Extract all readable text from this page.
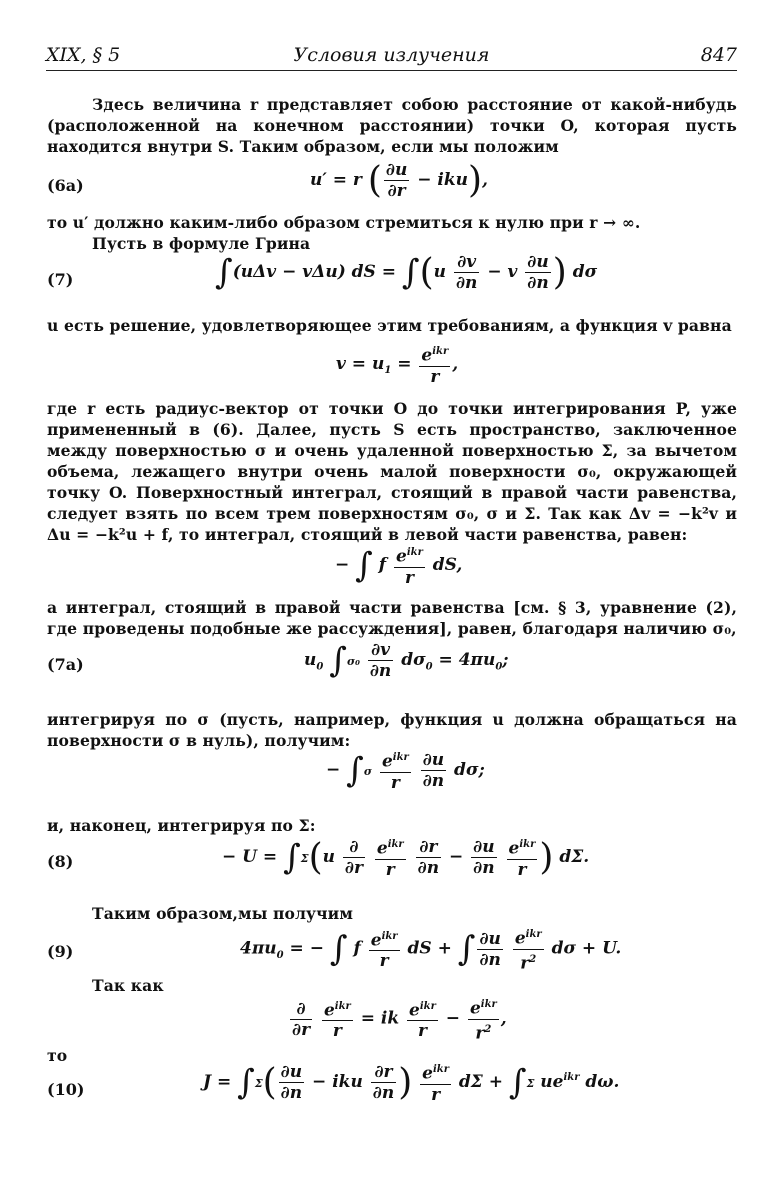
XIX, § 5	Условия излучения	847
Здесь величина r представляет собою расстояние от какой-нибудь (расположенной на конечном расстоянии) точки O, которая пусть находится внутри S. Таким образом, если мы положим
(6a)	u′ = r ( $\frac{\partial u}{\partial r} - iku$),
то u′ должно каким-либо образом стремиться к нулю при r → ∞.
Пусть в формуле Грина
(7)	∫(uΔv − vΔu) dS = $\int(u \frac{\partial v}{\partial n} - v \frac{\partial u}{\partial n}$ ) dσ
u есть решение, удовлетворяющее этим требованиям, а функция v равна
$v = u_1 = \frac{e^{ikr}}{r}$ ,
где r есть радиус-вектор от точки O до точки интегрирования P, уже примененный в (6). Далее, пусть S есть пространство, заключенное между поверхностью σ и очень удаленной поверхностью Σ, за вычетом объема, лежащего внутри очень малой поверхности σ₀, окружающей точку O. Поверхностный интеграл, стоящий в правой части равенства, следует взять по всем трем поверхностям σ₀, σ и Σ. Так как Δv = −k²v и Δu = −k²u + f, то интеграл, стоящий в левой части равенства, равен:
− ∫ f $\frac{e^{ikr}}{r}$ dS,
а интеграл, стоящий в правой части равенства [см. § 3, уравнение (2), где проведены подобные же рассуждения], равен, благодаря наличию σ₀,
(7a)	$u_0$ $\int\sigma_0 \frac{\partial v}{\partial n} d\sigma_0 = 4\pi u_0$;
интегрируя по σ (пусть, например, функция u должна обращаться на поверхности σ в нуль), получим:
− $\int\sigma \frac{e^{ikr}}{r}$
$\frac{\partial u}{\partial n} d\sigma$;
и, наконец, интегрируя по Σ:
(8)	− $U = \int\Sigma(u \frac{\partial}{\partial r}$
$\frac{e^{ikr}}{r}$
$\frac{\partial r}{\partial n} - \frac{\partial u}{\partial n}$
$\frac{e^{ikr}}{r}$ ) dΣ.
Таким образом,мы получим
(9)	$4\pi u_0$ = − ∫ f $\frac{e^{ikr}}{r}$ dS + ∫ $\frac{\partial u}{\partial n}$
$\frac{e^{ikr}}{r^2}$ dσ + U.
Так как
$\frac{\partial}{\partial r}$
$\frac{e^{ikr}}{r}$ = ik $\frac{e^{ikr}}{r} - \frac{e^{ikr}}{r^2}$ ,
то
(10)	$J = \int\Sigma( \frac{\partial u}{\partial n}$ − iku $\frac{\partial r}{\partial n}$ ) $\frac{e^{ikr}}{r}$ dΣ + ∫Σ $ue^{ikr}$ dω.
